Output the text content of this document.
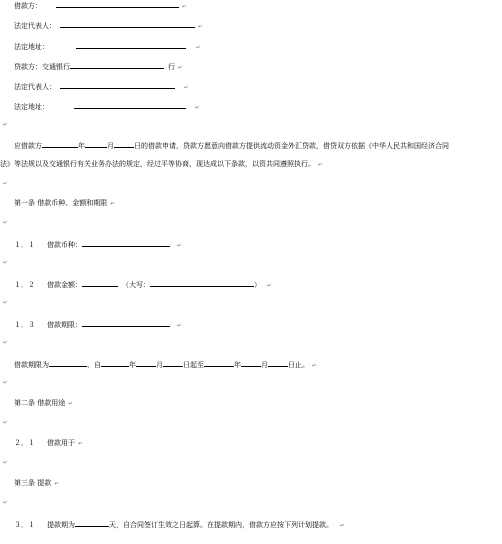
借款方：	↵
法定代表人：	↵
法定地址：	↵
贷款方：交通银行	行 ↵
法定代表人：	↵
法定地址：	↵
↵
应借款方	年	月	日的借款申请，贷款方愿意向借款方提供流动资金外汇贷款，借贷双方依据《中华人民共和国经济合同
法》等法规以及交通银行有关业务办法的规定，经过平等协商，现达成以下条款，以资共同遵照执行。 ↵
↵
第一条 借款币种、金额和期限 ↵
↵
１．１ 借款币种：	↵
↵
１．２ 借款金额：	（大写：	） ↵
↵
１．３ 借款期限：	↵
↵
借款期限为	，自	年	月	日起至	年	月	日止。 ↵
↵
第二条 借款用途 ↵
↵
２．１ 借款用于 ↵
↵
第三条 提款 ↵
↵
３．１ 提款期为	天，自合同签订生效之日起算。在提款期内，借款方应按下列计划提款。 ↵
